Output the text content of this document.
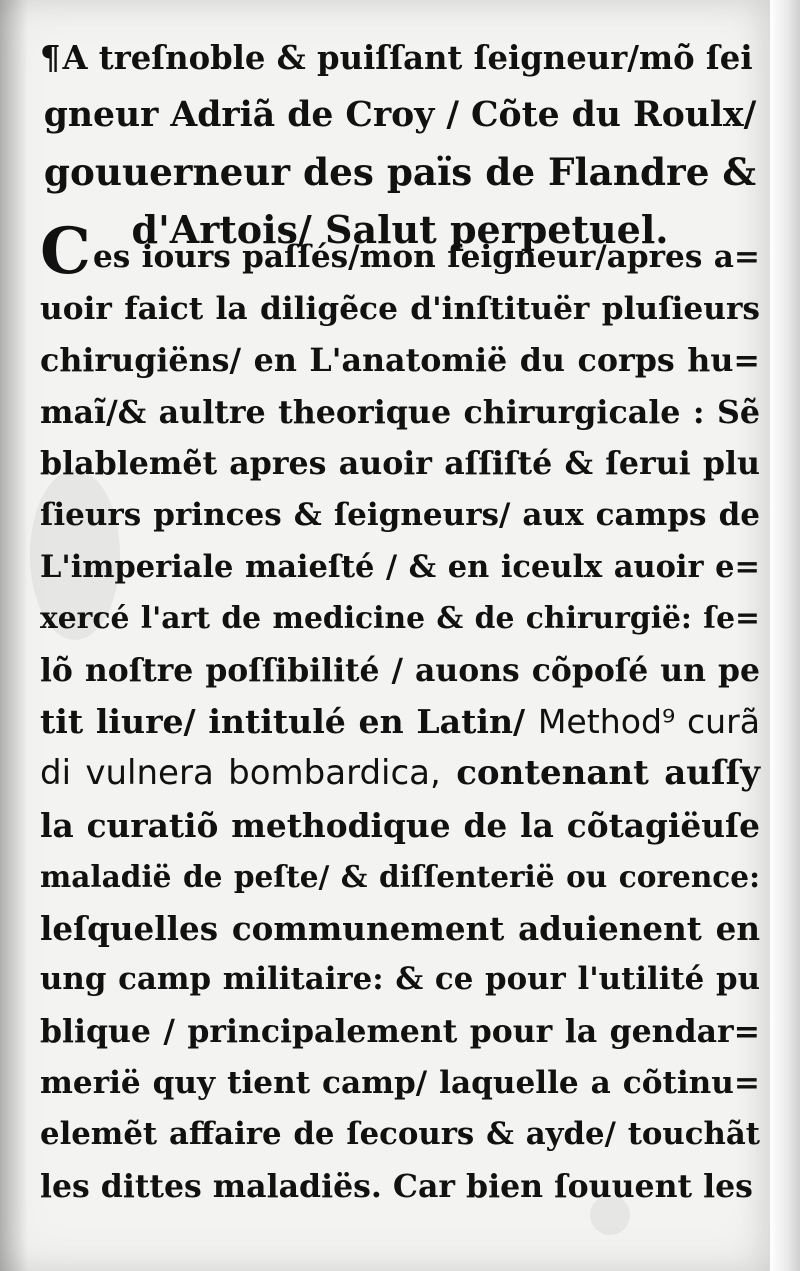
¶A treſnoble & puiſſant ſeigneur/mõ ſei
gneur Adriã de Croy / Cõte du Roulx/
gouuerneur des païs de Flandre &
d'Artois/ Salut perpetuel.
Ces iours paſſés/mon ſeigneur/apres a=
uoir faict la diligẽce d'inſtituër pluſieurs
chirugiëns/ en L'anatomië du corps hu=
maĩ/& aultre theorique chirurgicale : Sẽ
blablemẽt apres auoir aſſiſté & ſerui plu
ſieurs princes & ſeigneurs/ aux camps de
L'imperiale maieſté / & en iceulx auoir e=
xercé l'art de medicine & de chirurgië: ſe=
lõ noſtre poſſibilité / auons cõpoſé un pe
tit liure/ intitulé en Latin/ Method⁹ curã
di vulnera bombardica, contenant auſſy
la curatiõ methodique de la cõtagiëuſe
maladië de peſte/ & diſſenterië ou corence:
leſquelles communement aduienent en
ung camp militaire: & ce pour l'utilité pu
blique / principalement pour la gendar=
merië quy tient camp/ laquelle a cõtinu=
elemẽt affaire de ſecours & ayde/ touchãt
les dittes maladiës. Car bien ſouuent les
